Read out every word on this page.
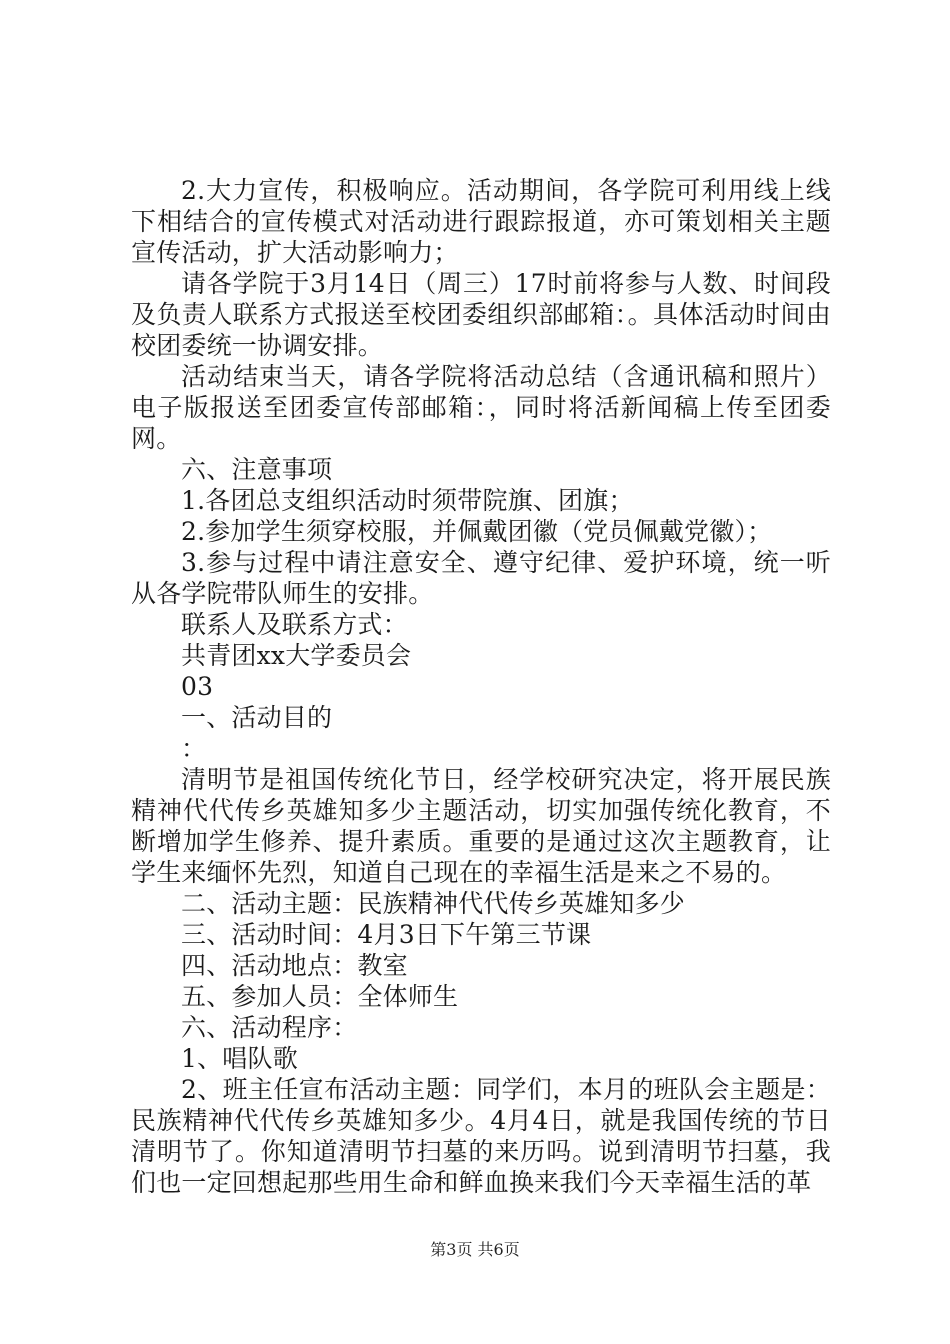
2.大力宣传，积极响应。活动期间，各学院可利用线上线下相结合的宣传模式对活动进行跟踪报道，亦可策划相关主题宣传活动，扩大活动影响力；

请各学院于3月14日（周三）17时前将参与人数、时间段及负责人联系方式报送至校团委组织部邮箱：。具体活动时间由校团委统一协调安排。

活动结束当天，请各学院将活动总结（含通讯稿和照片）电子版报送至团委宣传部邮箱：，同时将活新闻稿上传至团委网。

六、注意事项

1.各团总支组织活动时须带院旗、团旗；

2.参加学生须穿校服，并佩戴团徽（党员佩戴党徽）；

3.参与过程中请注意安全、遵守纪律、爱护环境，统一听从各学院带队师生的安排。

联系人及联系方式：

共青团xx大学委员会

03

一、活动目的

：

清明节是祖国传统化节日，经学校研究决定，将开展民族精神代代传乡英雄知多少主题活动，切实加强传统化教育，不断增加学生修养、提升素质。重要的是通过这次主题教育，让学生来缅怀先烈，知道自己现在的幸福生活是来之不易的。

二、活动主题：民族精神代代传乡英雄知多少

三、活动时间：4月3日下午第三节课

四、活动地点：教室

五、参加人员：全体师生

六、活动程序：

1、唱队歌

2、班主任宣布活动主题：同学们，本月的班队会主题是：民族精神代代传乡英雄知多少。4月4日，就是我国传统的节日清明节了。你知道清明节扫墓的来历吗。说到清明节扫墓，我们也一定回想起那些用生命和鲜血换来我们今天幸福生活的革

第3页 共6页
